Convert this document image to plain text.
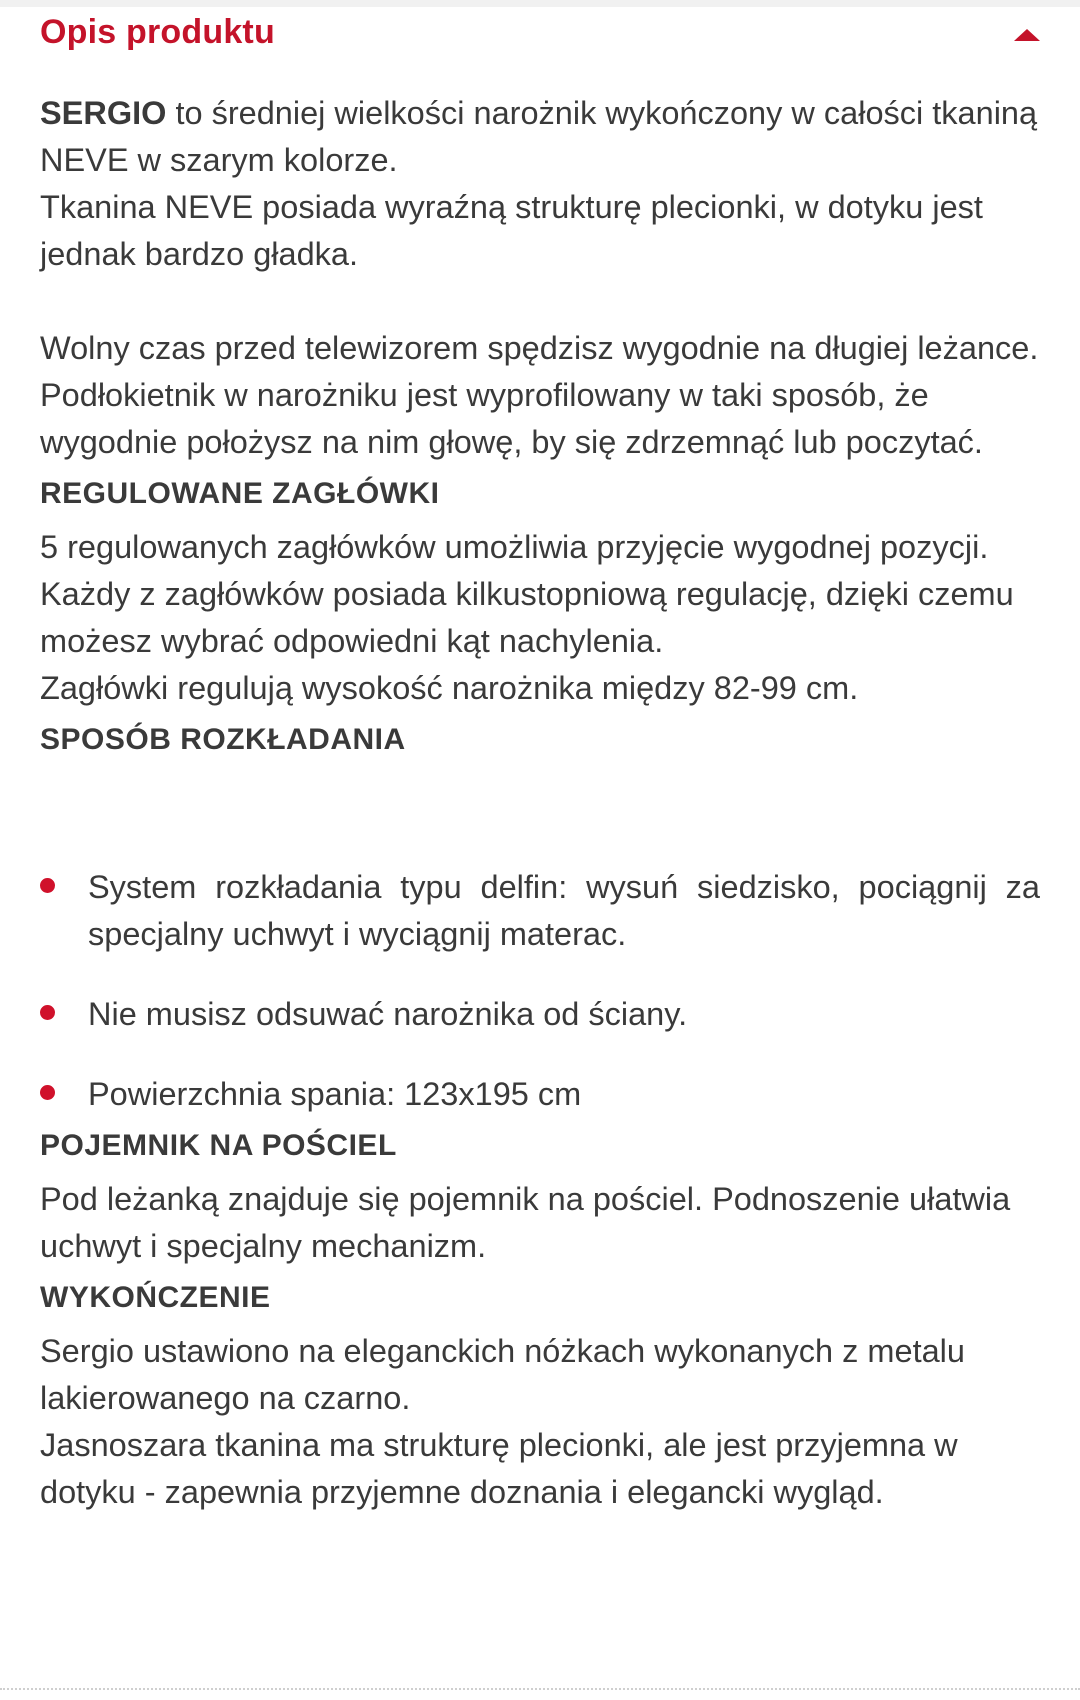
Opis produktu

SERGIO to średniej wielkości narożnik wykończony w całości tkaniną NEVE w szarym kolorze.

Tkanina NEVE posiada wyraźną strukturę plecionki, w dotyku jest jednak bardzo gładka.

Wolny czas przed telewizorem spędzisz wygodnie na długiej leżance.

Podłokietnik w narożniku jest wyprofilowany w taki sposób, że wygodnie położysz na nim głowę, by się zdrzemnąć lub poczytać.

REGULOWANE ZAGŁÓWKI

5 regulowanych zagłówków umożliwia przyjęcie wygodnej pozycji. Każdy z zagłówków posiada kilkustopniową regulację, dzięki czemu możesz wybrać odpowiedni kąt nachylenia.

Zagłówki regulują wysokość narożnika między 82-99 cm.

SPOSÓB ROZKŁADANIA
System rozkładania typu delfin: wysuń siedzisko, pociągnij za specjalny uchwyt i wyciągnij materac.
Nie musisz odsuwać narożnika od ściany.
Powierzchnia spania: 123x195 cm
POJEMNIK NA POŚCIEL

Pod leżanką znajduje się pojemnik na pościel. Podnoszenie ułatwia uchwyt i specjalny mechanizm.

WYKOŃCZENIE

Sergio ustawiono na eleganckich nóżkach wykonanych z metalu lakierowanego na czarno.

Jasnoszara tkanina ma strukturę plecionki, ale jest przyjemna w dotyku - zapewnia przyjemne doznania i elegancki wygląd.
